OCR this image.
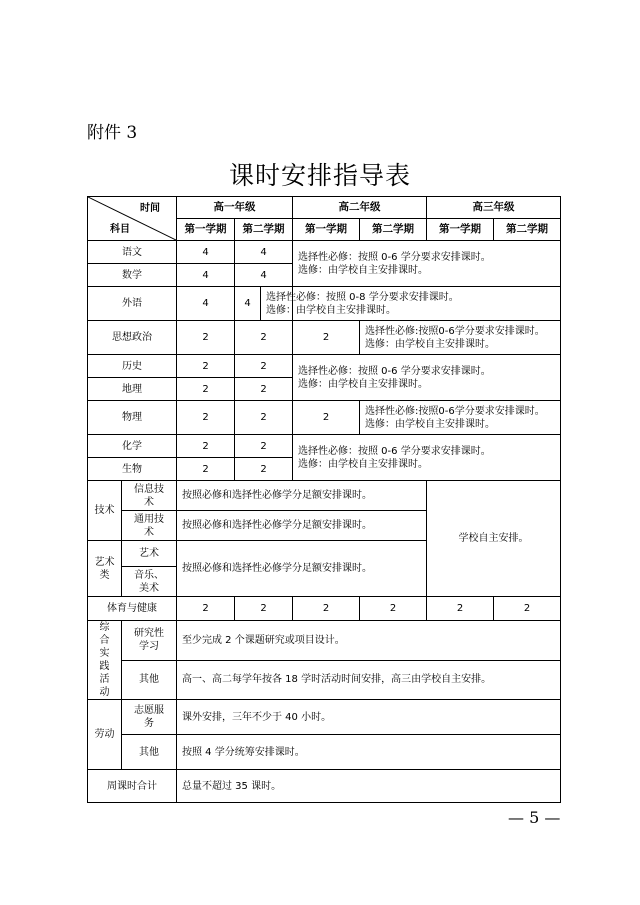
附件 3
课时安排指导表
时间
科目		高一年级		高二年级		高三年级	
		第一学期	第二学期	第一学期	第二学期	第一学期	第二学期
语文		4	4	选择性必修：按照 0-6 学分要求安排课时。
选修：由学校自主安排课时。			

数学		4	4				
外语		4	4	选择性必修：按照 0-8 学分要求安排课时。
选修：由学校自主安排课时。			

思想政治		2	2	2	选择性必修:按照0-6学分要求安排课时。
选修：由学校自主安排课时。		

历史		2	2	选择性必修：按照 0-6 学分要求安排课时。
选修：由学校自主安排课时。			

地理		2	2				
物理		2	2	2	选择性必修:按照0-6学分要求安排课时。
选修：由学校自主安排课时。		

化学		2	2	选择性必修：按照 0-6 学分要求安排课时。
选修：由学校自主安排课时。			

生物		2	2				
技术	信息技术	按照必修和选择性必修学分足额安排课时。				学校自主安排。	
	通用技术	按照必修和选择性必修学分足额安排课时。					
艺术类	艺术	按照必修和选择性必修学分足额安排课时。					
	音乐、美术						
体育与健康		2	2	2	2	2	2
综合实践活动	研究性学习	至少完成 2 个课题研究或项目设计。					
	其他	高一、高二每学年按各 18 学时活动时间安排，高三由学校自主安排。					
劳动	志愿服务	课外安排，三年不少于 40 小时。					
	其他	按照 4 学分统筹安排课时。					
周课时合计		总量不超过 35 课时。					
— 5 —
